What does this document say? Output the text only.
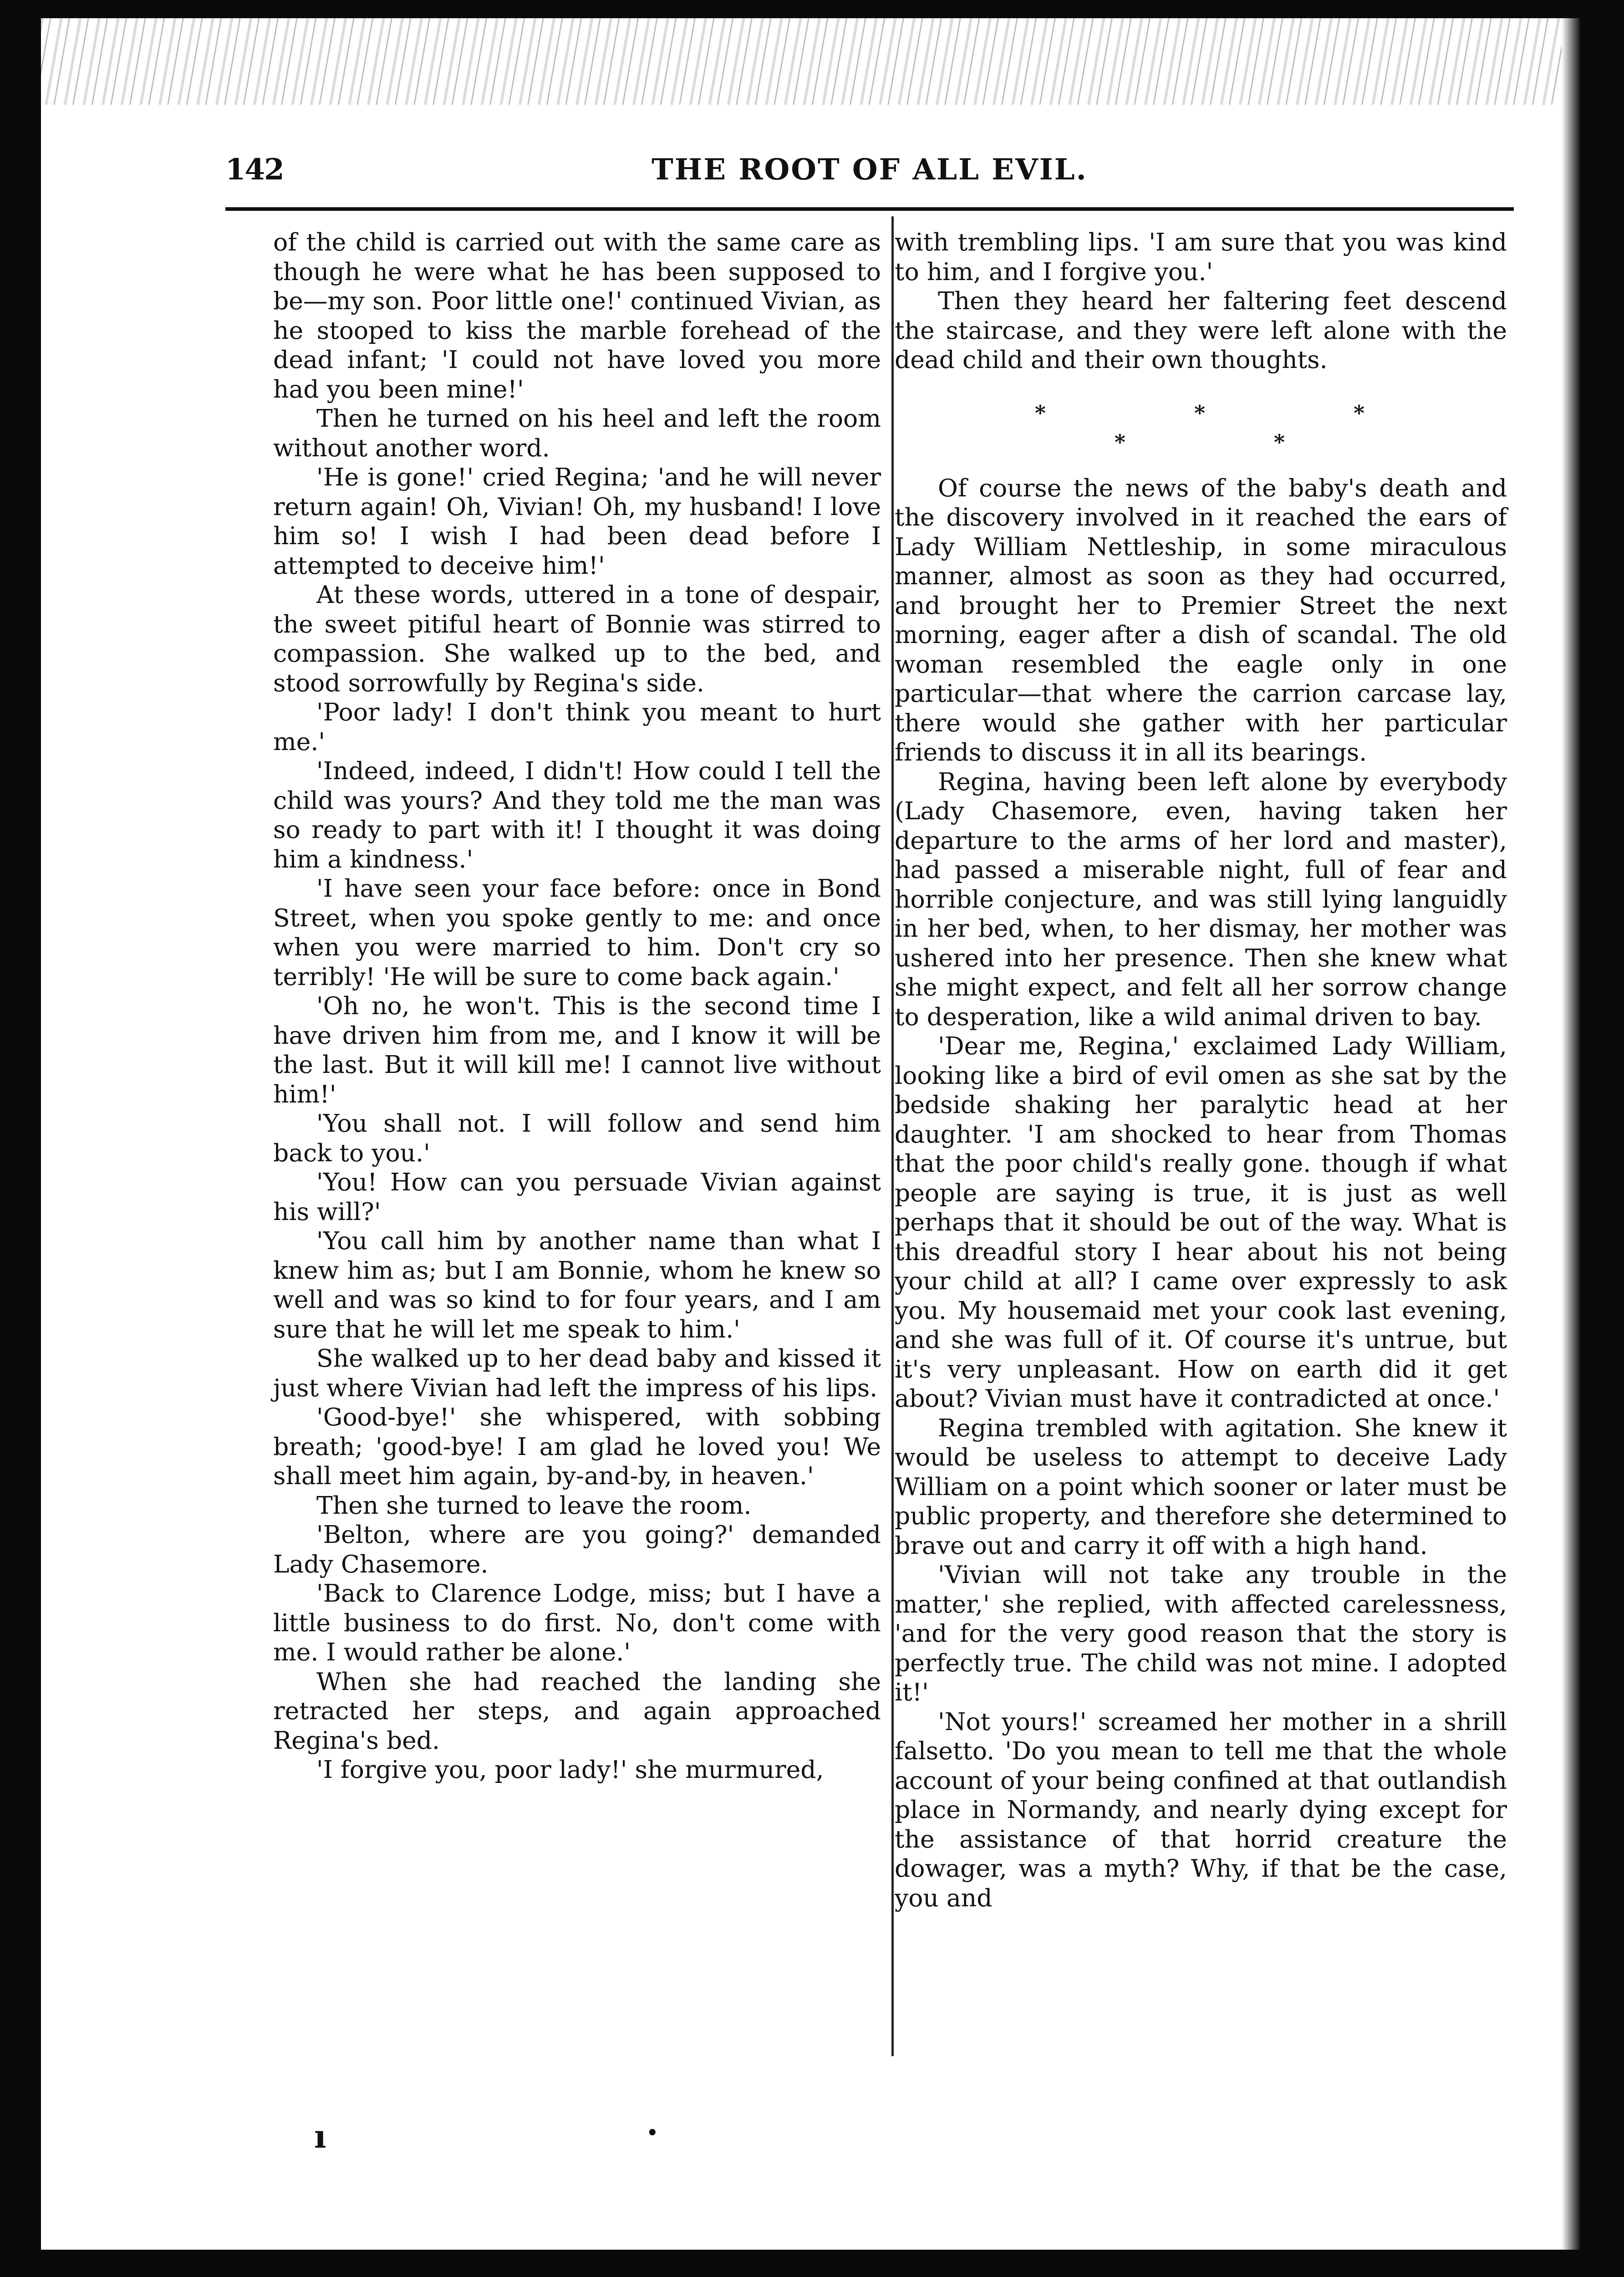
142	THE ROOT OF ALL EVIL.

of the child is carried out with the same care as though he were what he has been supposed to be—my son. Poor little one!' continued Vivian, as he stooped to kiss the marble forehead of the dead infant; 'I could not have loved you more had you been mine!'

Then he turned on his heel and left the room without another word.

'He is gone!' cried Regina; 'and he will never return again! Oh, Vivian! Oh, my husband! I love him so! I wish I had been dead before I attempted to deceive him!'

At these words, uttered in a tone of despair, the sweet pitiful heart of Bonnie was stirred to compassion. She walked up to the bed, and stood sorrowfully by Regina's side.

'Poor lady! I don't think you meant to hurt me.'

'Indeed, indeed, I didn't! How could I tell the child was yours? And they told me the man was so ready to part with it! I thought it was doing him a kindness.'

'I have seen your face before: once in Bond Street, when you spoke gently to me: and once when you were married to him. Don't cry so terribly! 'He will be sure to come back again.'

'Oh no, he won't. This is the second time I have driven him from me, and I know it will be the last. But it will kill me! I cannot live without him!'

'You shall not. I will follow and send him back to you.'

'You! How can you persuade Vivian against his will?'

'You call him by another name than what I knew him as; but I am Bonnie, whom he knew so well and was so kind to for four years, and I am sure that he will let me speak to him.'

She walked up to her dead baby and kissed it just where Vivian had left the impress of his lips.

'Good-bye!' she whispered, with sobbing breath; 'good-bye! I am glad he loved you! We shall meet him again, by-and-by, in heaven.'

Then she turned to leave the room.

'Belton, where are you going?' demanded Lady Chasemore.

'Back to Clarence Lodge, miss; but I have a little business to do first. No, don't come with me. I would rather be alone.'

When she had reached the landing she retracted her steps, and again approached Regina's bed.

'I forgive you, poor lady!' she murmured,

with trembling lips. 'I am sure that you was kind to him, and I forgive you.'

Then they heard her faltering feet descend the staircase, and they were left alone with the dead child and their own thoughts.

* * * * *

Of course the news of the baby's death and the discovery involved in it reached the ears of Lady William Nettleship, in some miraculous manner, almost as soon as they had occurred, and brought her to Premier Street the next morning, eager after a dish of scandal. The old woman resembled the eagle only in one particular—that where the carrion carcase lay, there would she gather with her particular friends to discuss it in all its bearings.

Regina, having been left alone by everybody (Lady Chasemore, even, having taken her departure to the arms of her lord and master), had passed a miserable night, full of fear and horrible conjecture, and was still lying languidly in her bed, when, to her dismay, her mother was ushered into her presence. Then she knew what she might expect, and felt all her sorrow change to desperation, like a wild animal driven to bay.

'Dear me, Regina,' exclaimed Lady William, looking like a bird of evil omen as she sat by the bedside shaking her paralytic head at her daughter. 'I am shocked to hear from Thomas that the poor child's really gone. though if what people are saying is true, it is just as well perhaps that it should be out of the way. What is this dreadful story I hear about his not being your child at all? I came over expressly to ask you. My housemaid met your cook last evening, and she was full of it. Of course it's untrue, but it's very unpleasant. How on earth did it get about? Vivian must have it contradicted at once.'

Regina trembled with agitation. She knew it would be useless to attempt to deceive Lady William on a point which sooner or later must be public property, and therefore she determined to brave out and carry it off with a high hand.

'Vivian will not take any trouble in the matter,' she replied, with affected carelessness, 'and for the very good reason that the story is perfectly true. The child was not mine. I adopted it!'

'Not yours!' screamed her mother in a shrill falsetto. 'Do you mean to tell me that the whole account of your being confined at that outlandish place in Normandy, and nearly dying except for the assistance of that horrid creature the dowager, was a myth? Why, if that be the case, you and

ı	•
